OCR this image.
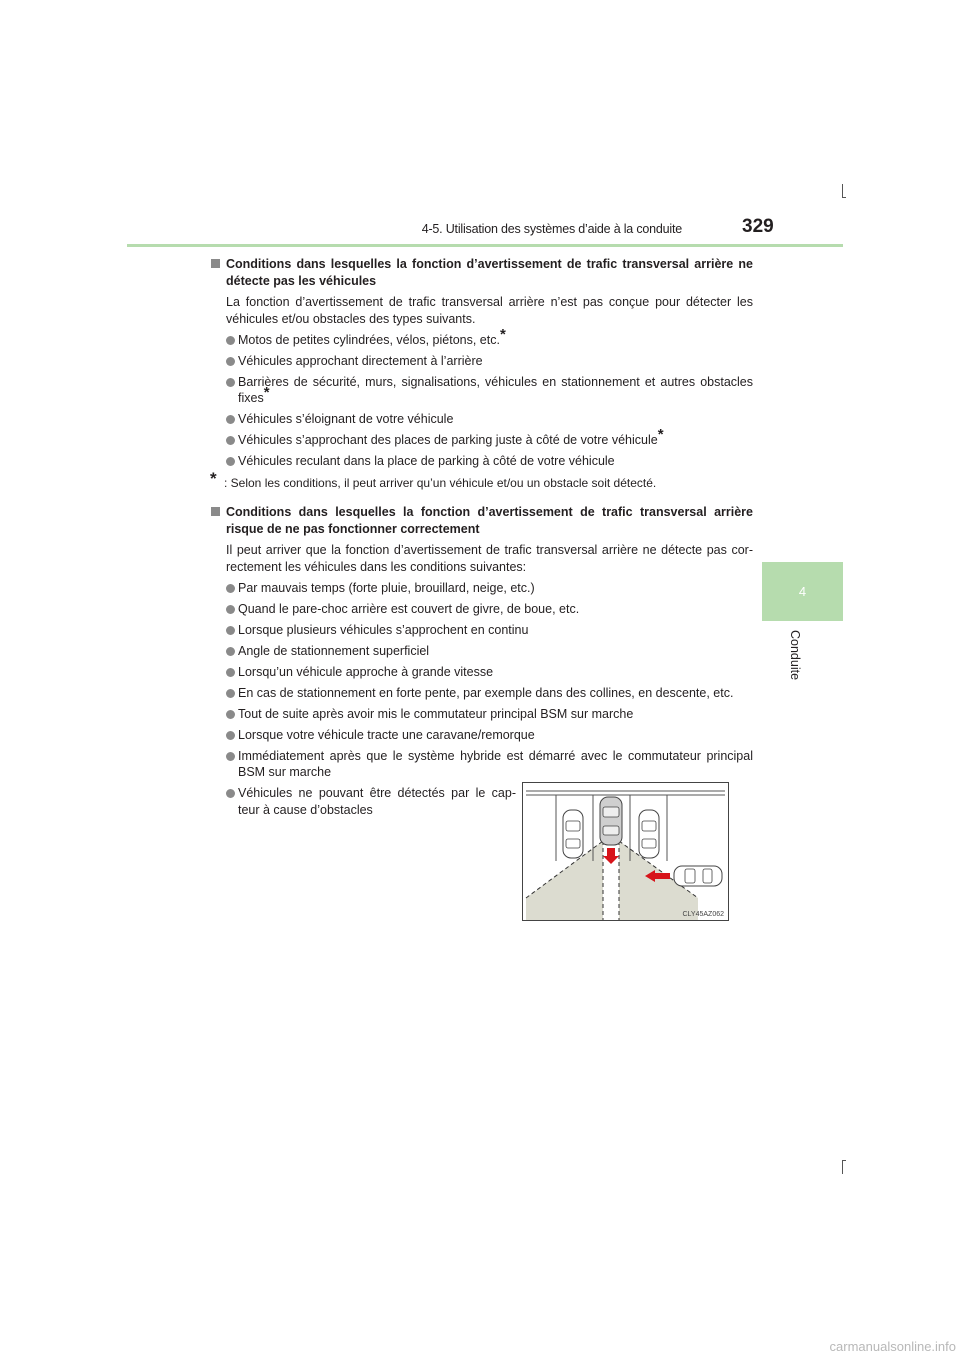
4-5. Utilisation des systèmes d’aide à la conduite	329
4
Conduite
Conditions dans lesquelles la fonction d’avertissement de trafic transversal arrière ne détecte pas les véhicules
La fonction d’avertissement de trafic transversal arrière n’est pas conçue pour détecter les véhicules et/ou obstacles des types suivants.
Motos de petites cylindrées, vélos, piétons, etc.*
Véhicules approchant directement à l’arrière
Barrières de sécurité, murs, signalisations, véhicules en stationnement et autres obstacles fixes*
Véhicules s’éloignant de votre véhicule
Véhicules s’approchant des places de parking juste à côté de votre véhicule*
Véhicules reculant dans la place de parking à côté de votre véhicule
* : Selon les conditions, il peut arriver qu’un véhicule et/ou un obstacle soit détecté.
Conditions dans lesquelles la fonction d’avertissement de trafic transversal arrière risque de ne pas fonctionner correctement
Il peut arriver que la fonction d’avertissement de trafic transversal arrière ne détecte pas cor- rectement les véhicules dans les conditions suivantes:
Par mauvais temps (forte pluie, brouillard, neige, etc.)
Quand le pare-choc arrière est couvert de givre, de boue, etc.
Lorsque plusieurs véhicules s’approchent en continu
Angle de stationnement superficiel
Lorsqu’un véhicule approche à grande vitesse
En cas de stationnement en forte pente, par exemple dans des collines, en descente, etc.
Tout de suite après avoir mis le commutateur principal BSM sur marche
Lorsque votre véhicule tracte une caravane/remorque
Immédiatement après que le système hybride est démarré avec le commutateur principal BSM sur marche
Véhicules ne pouvant être détectés par le cap- teur à cause d’obstacles
CLY45AZ062
carmanualsonline.info
